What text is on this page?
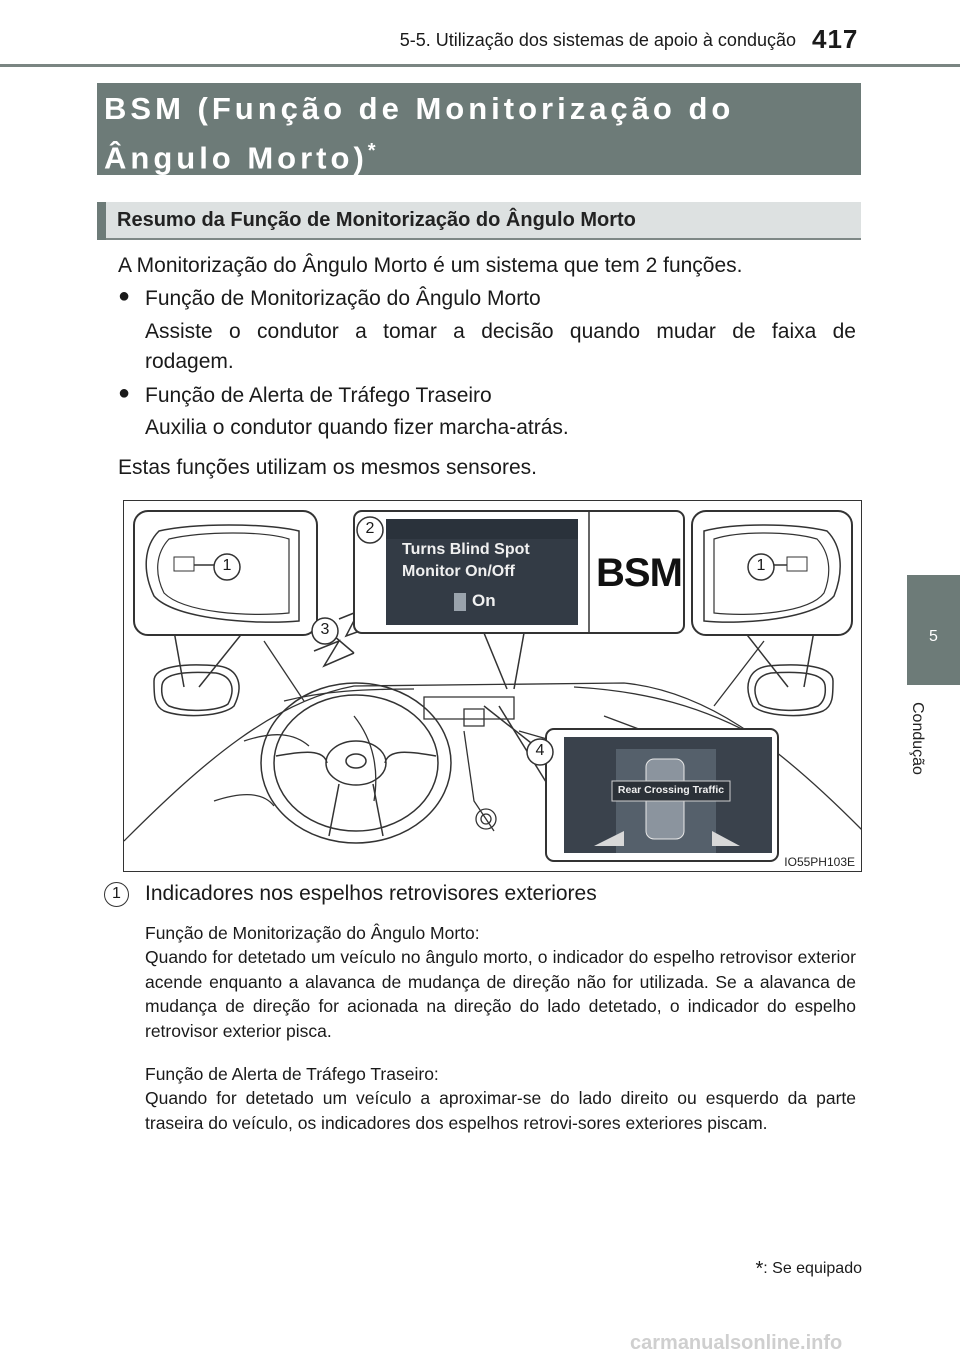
5-5. Utilização dos sistemas de apoio à condução 417
BSM (Função de Monitorização do Ângulo Morto)*
Resumo da Função de Monitorização do Ângulo Morto
5
Condução
A Monitorização do Ângulo Morto é um sistema que tem 2 funções.
● Função de Monitorização do Ângulo Morto
Assiste o condutor a tomar a decisão quando mudar de faixa de
rodagem.
● Função de Alerta de Tráfego Traseiro
Auxilia o condutor quando fizer marcha-atrás.
Estas funções utilizam os mesmos sensores.
1	1
2
3
4
Turns Blind Spot
Monitor On/Off
On
BSM
Rear Crossing Traffic
IO55PH103E
1	Indicadores nos espelhos retrovisores exteriores
Função de Monitorização do Ângulo Morto:
Quando for detetado um veículo no ângulo morto, o indicador do espelho retrovisor exterior acende enquanto a alavanca de mudança de direção não for utilizada. Se a alavanca de mudança de direção for acionada na direção do lado detetado, o indicador do espelho retrovisor exterior pisca.
Função de Alerta de Tráfego Traseiro:
Quando for detetado um veículo a aproximar-se do lado direito ou esquerdo da parte traseira do veículo, os indicadores dos espelhos retrovi-sores exteriores piscam.
*: Se equipado
carmanualsonline.info
